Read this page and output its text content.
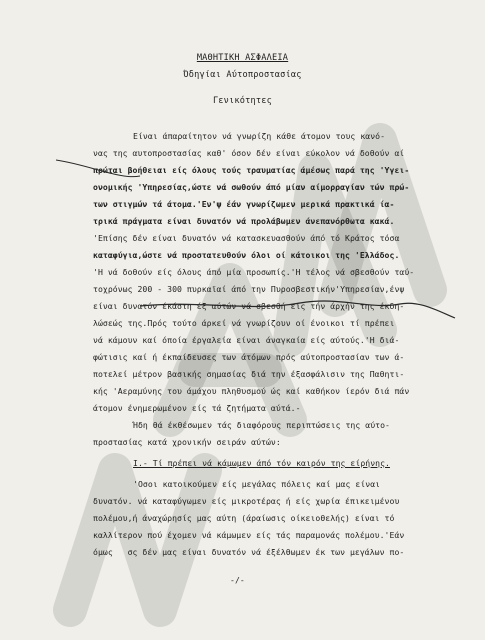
ΜΑΘΗΤΙΚΗ ΑΣΦΑΛΕΙΑ
Όδηγίαι Αύτοπροστασίας
Γενικότητες
Είναι άπαραίτητον νά γνωρίζη κάθε άτομον τους κανό-
νας της αυτοπροστασίας καθ' όσον δέν είναι εύκολον νά δοθούν αί
πρώται βοήθειαι είς όλους τούς τραυματίας άμέσως παρά της 'Υγει-
ονομικής 'Υπηρεσίας,ώστε νά σωθούν άπό μίαν αίμορραγίαν τών πρώ-
των στιγμών τά άτομα.'Εν'ψ έάν γνωρίζωμεν μερικά πρακτικά ία-
τρικά πράγματα είναι δυνατόν νά προλάβωμεν άνεπανόρθωτα κακά.
'Επίσης δέν είναι δυνατόν νά κατασκευασθούν άπό τό Κράτος τόσα
καταφύγια,ώστε νά προστατευθούν όλοι οί κάτοικοι της 'Ελλάδος.
'Η νά δοθούν είς όλους άπό μία προσωπίς.'Η τέλος νά σβεσθούν ταύ-
τοχρόνως 200 - 300 πυρκαϊαί άπό την Πυροσβεστικήν'Υπηρεσίαν,ένψ
είναι δυνατόν έκάστη έξ αύτών νά σβεσθή είς τήν άρχήν της έκδη-
λώσεώς της.Πρός τούτο άρκεί νά γνωρίζουν οί ένοικοι τί πρέπει
νά κάμουν καί όποία έργαλεία είναι άναγκαία είς αύτούς.'Η διά-
φώτισις καί ή έκπαίδευσες των άτόμων πρός αύτοπροστασίαν των ά-
ποτελεί μέτρον βασικής σημασίας διά την έξασφάλισιν της Παθητι-
κής 'Αεραμύνης του άμάχου πληθυσμού ώς καί καθήκον ίερόν διά πάν
άτομον ένημερωμένον είς τά ζητήματα αύτά.-
Ήδη θά έκθέσωμεν τάς διαφόρους περιπτώσεις της αύτο-
προστασίας κατά χρονικήν σειράν αύτών:
I.- Τί πρέπει νά κάμωμεν άπό τόν καιρόν της είρήνης.
'Οσοι κατοικούμεν είς μεγάλας πόλεις καί μας είναι
δυνατόν. νά καταφύγωμεν είς μικροτέρας ή είς χωρία έπικειμένου
πολέμου,ή άναχώρησίς μας αύτη (άραίωσις οίκειοθελής) είναι τό
καλλίτερον πού έχομεν νά κάμωμεν είς τάς παραμονάς πολέμου.'Εάν
όμως   σς δέν μας είναι δυνατόν νά έξέλθωμεν έκ των μεγάλων πο-
-/-
